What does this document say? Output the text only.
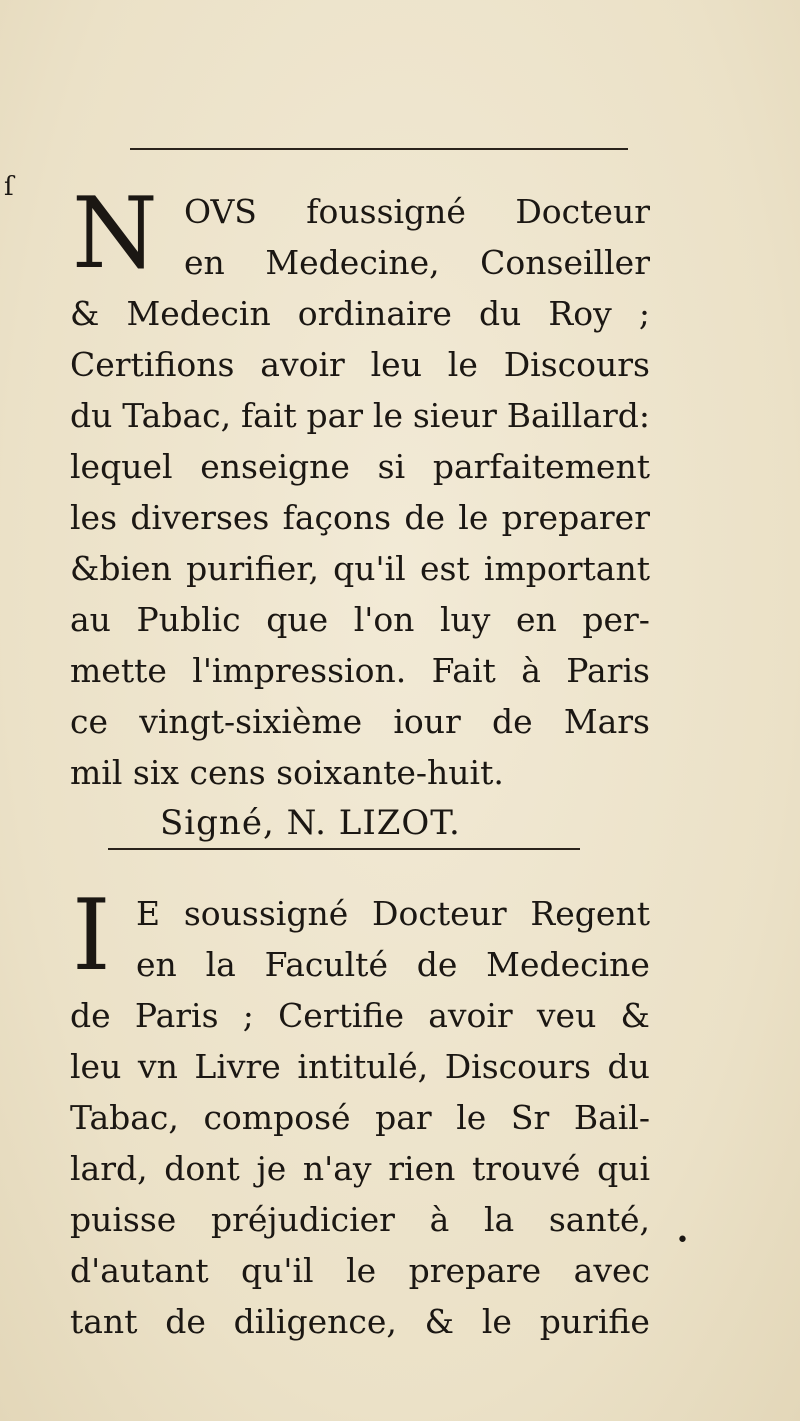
ſ N OVS foussigné Docteur
en Medecine, Conseiller
& Medecin ordinaire du Roy ;
Certifions avoir leu le Discours
du Tabac, fait par le sieur Baillard:
lequel enseigne si parfaitement
les diverses façons de le preparer
&bien purifier, qu'il est important
au Public que l'on luy en per-
mette l'impression. Fait à Paris
ce vingt-sixième iour de Mars
mil six cens soixante-huit.
Signé, N. LIZOT.
I E soussigné Docteur Regent
en la Faculté de Medecine
de Paris ; Certifie avoir veu &
leu vn Livre intitulé, Discours du
Tabac, composé par le Sr Bail-
lard, dont je n'ay rien trouvé qui
puisse préjudicier à la santé,
d'autant qu'il le prepare avec
tant de diligence, & le purifie
•
